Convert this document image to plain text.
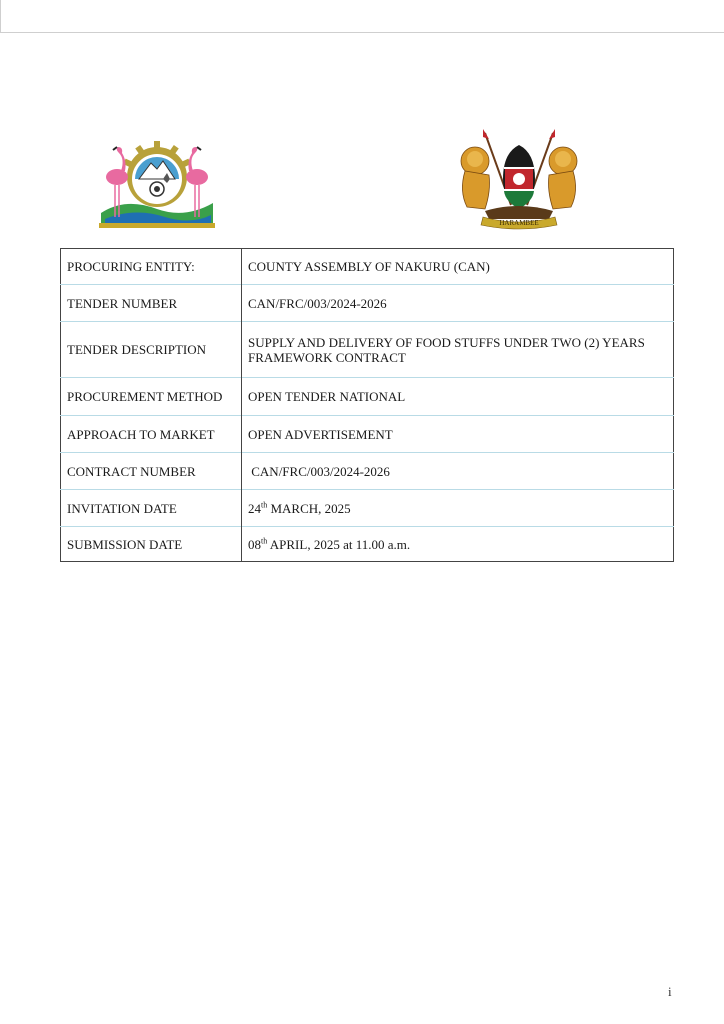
HARAMBEE
PROCURING ENTITY:	COUNTY ASSEMBLY OF NAKURU (CAN)
TENDER NUMBER	CAN/FRC/003/2024-2026
TENDER DESCRIPTION	SUPPLY AND DELIVERY OF FOOD STUFFS UNDER TWO (2) YEARS FRAMEWORK CONTRACT
PROCUREMENT METHOD	OPEN TENDER NATIONAL
APPROACH TO MARKET	OPEN ADVERTISEMENT
CONTRACT NUMBER	CAN/FRC/003/2024-2026
INVITATION DATE	24th MARCH, 2025
SUBMISSION DATE	08th APRIL, 2025 at 11.00 a.m.
i
